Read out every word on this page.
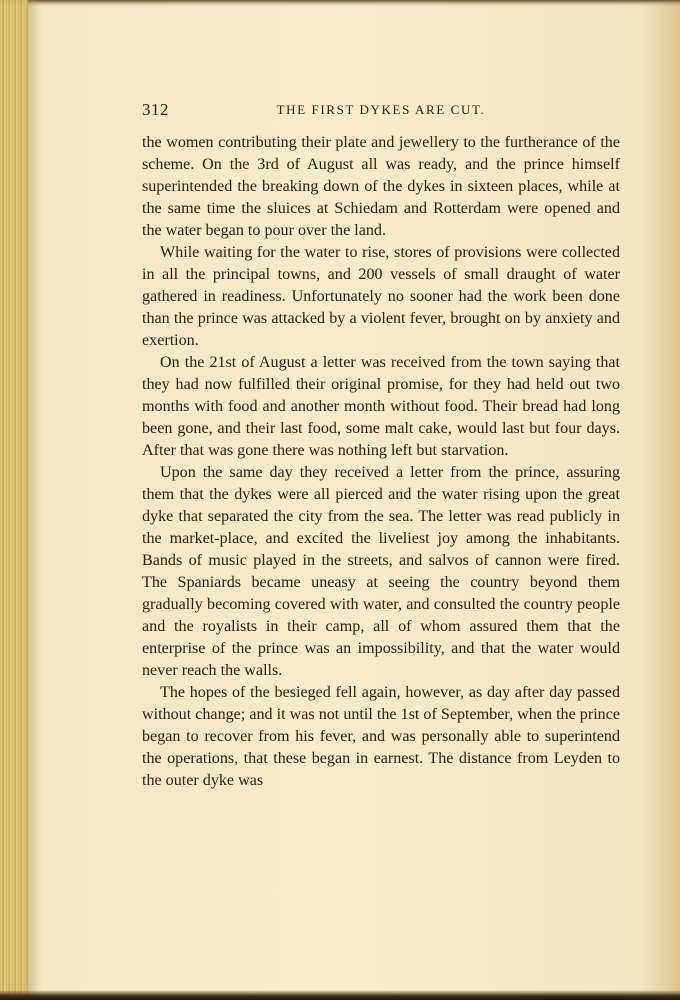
312	THE FIRST DYKES ARE CUT.

the women contributing their plate and jewellery to the furtherance of the scheme. On the 3rd of August all was ready, and the prince himself superintended the breaking down of the dykes in sixteen places, while at the same time the sluices at Schiedam and Rotterdam were opened and the water began to pour over the land.

While waiting for the water to rise, stores of provisions were collected in all the principal towns, and 200 vessels of small draught of water gathered in readiness. Unfortunately no sooner had the work been done than the prince was attacked by a violent fever, brought on by anxiety and exertion.

On the 21st of August a letter was received from the town saying that they had now fulfilled their original promise, for they had held out two months with food and another month without food. Their bread had long been gone, and their last food, some malt cake, would last but four days. After that was gone there was nothing left but starvation.

Upon the same day they received a letter from the prince, assuring them that the dykes were all pierced and the water rising upon the great dyke that separated the city from the sea. The letter was read publicly in the market-place, and excited the liveliest joy among the inhabitants. Bands of music played in the streets, and salvos of cannon were fired. The Spaniards became uneasy at seeing the country beyond them gradually becoming covered with water, and consulted the country people and the royalists in their camp, all of whom assured them that the enterprise of the prince was an impossibility, and that the water would never reach the walls.

The hopes of the besieged fell again, however, as day after day passed without change; and it was not until the 1st of September, when the prince began to recover from his fever, and was personally able to superintend the operations, that these began in earnest. The distance from Leyden to the outer dyke was
